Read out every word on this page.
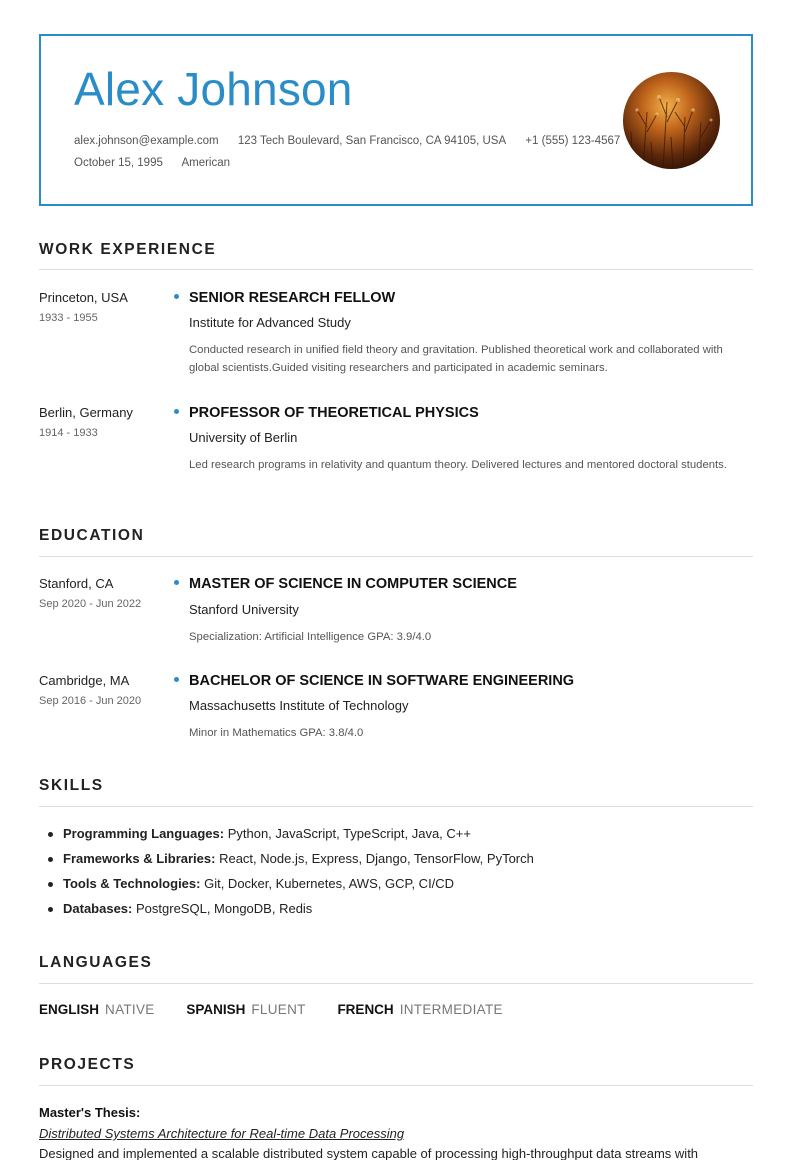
Alex Johnson
alex.johnson@example.com 123 Tech Boulevard, San Francisco, CA 94105, USA +1 (555) 123-4567
October 15, 1995 American
WORK EXPERIENCE
Princeton, USA
1933 - 1955
SENIOR RESEARCH FELLOW
Institute for Advanced Study
Conducted research in unified field theory and gravitation. Published theoretical work and collaborated with global scientists.Guided visiting researchers and participated in academic seminars.
Berlin, Germany
1914 - 1933
PROFESSOR OF THEORETICAL PHYSICS
University of Berlin
Led research programs in relativity and quantum theory. Delivered lectures and mentored doctoral students.
EDUCATION
Stanford, CA
Sep 2020 - Jun 2022
MASTER OF SCIENCE IN COMPUTER SCIENCE
Stanford University
Specialization: Artificial Intelligence GPA: 3.9/4.0
Cambridge, MA
Sep 2016 - Jun 2020
BACHELOR OF SCIENCE IN SOFTWARE ENGINEERING
Massachusetts Institute of Technology
Minor in Mathematics GPA: 3.8/4.0
SKILLS
Programming Languages: Python, JavaScript, TypeScript, Java, C++
Frameworks & Libraries: React, Node.js, Express, Django, TensorFlow, PyTorch
Tools & Technologies: Git, Docker, Kubernetes, AWS, GCP, CI/CD
Databases: PostgreSQL, MongoDB, Redis
LANGUAGES
ENGLISH NATIVE SPANISH FLUENT FRENCH INTERMEDIATE
PROJECTS
Master's Thesis:
Distributed Systems Architecture for Real-time Data Processing
Designed and implemented a scalable distributed system capable of processing high-throughput data streams with
